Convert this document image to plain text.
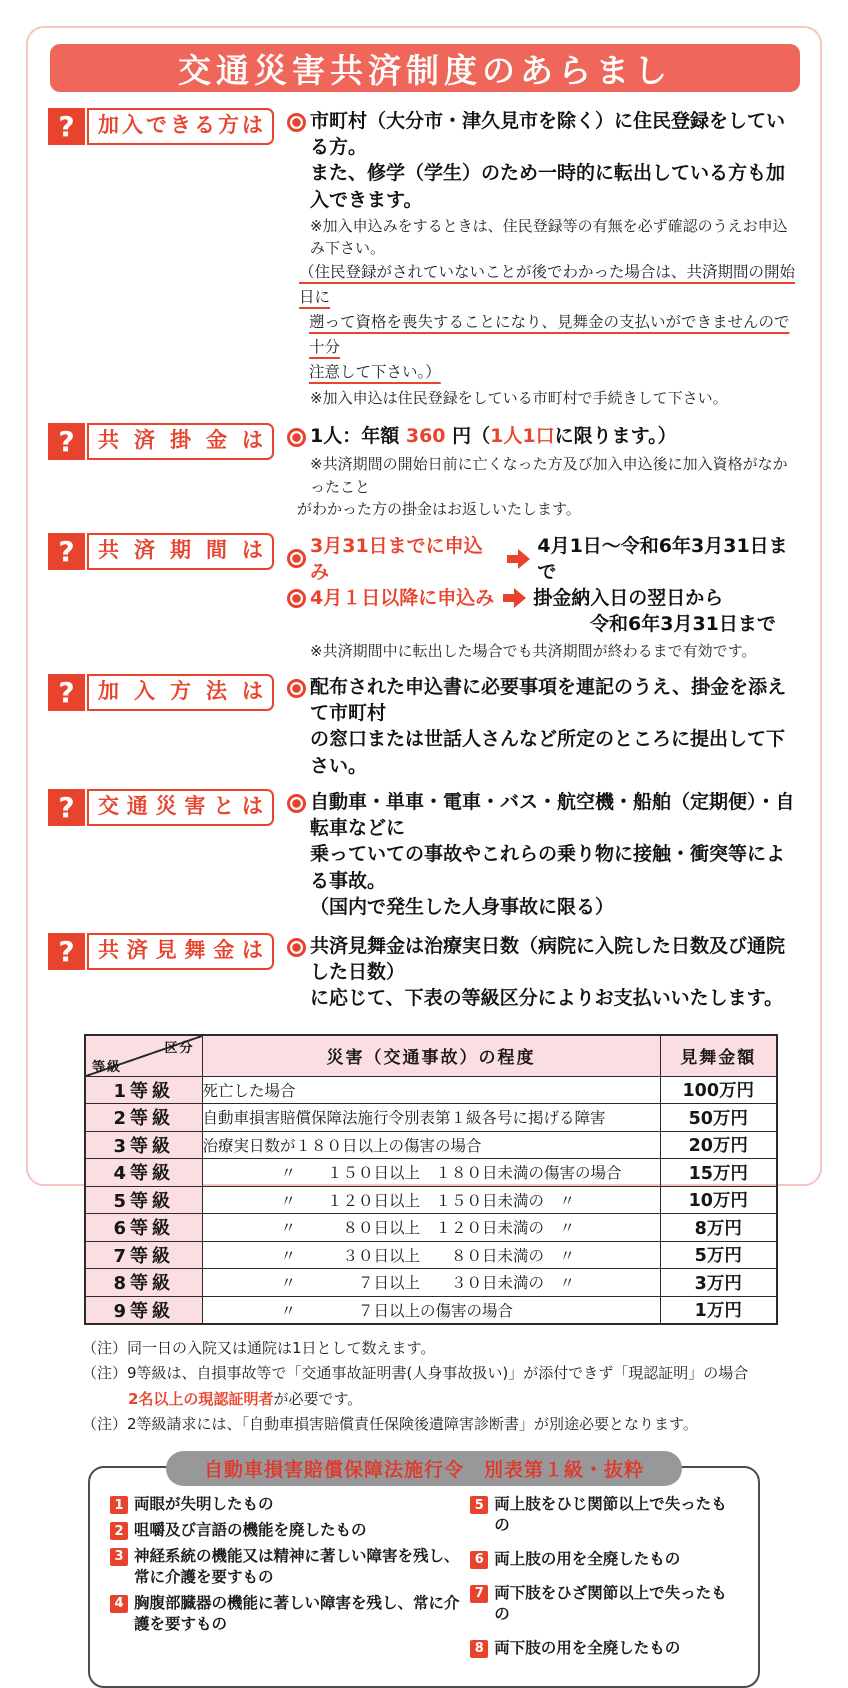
交通災害共済制度のあらまし
?	加入できる方は	市町村（大分市・津久見市を除く）に住民登録をしている方。
また、修学（学生）のため一時的に転出している方も加入できます。
※加入申込みをするときは、住民登録等の有無を必ず確認のうえお申込み下さい。
（住民登録がされていないことが後でわかった場合は、共済期間の開始日に
遡って資格を喪失することになり、見舞金の支払いができませんので十分
注意して下さい。）
※加入申込は住民登録をしている市町村で手続きして下さい。
?	共 済 掛 金 は	1人：年額 360 円（1人1口に限ります。）
※共済期間の開始日前に亡くなった方及び加入申込後に加入資格がなかったこと
がわかった方の掛金はお返しいたします。
?	共 済 期 間 は	3月31日までに申込み
4月1日～令和6年3月31日まで
4月１日以降に申込み 掛金納入日の翌日から
令和6年3月31日まで
※共済期間中に転出した場合でも共済期間が終わるまで有効です。
?	加 入 方 法 は	配布された申込書に必要事項を連記のうえ、掛金を添えて市町村
の窓口または世話人さんなど所定のところに提出して下さい。
?	交 通 災 害 と は	自動車・単車・電車・バス・航空機・船舶（定期便）・自転車などに
乗っていての事故やこれらの乗り物に接触・衝突等による事故。
（国内で発生した人身事故に限る）
?	共済見舞金は	共済見舞金は治療実日数（病院に入院した日数及び通院した日数）
に応じて、下表の等級区分によりお支払いいたします。
区分
等級	災害（交通事故）の程度	見舞金額
1等級	死亡した場合	100万円
2等級	自動車損害賠償保障法施行令別表第１級各号に掲げる障害	50万円
3等級	治療実日数が１８０日以上の傷害の場合	20万円
4等級	〃　　１５０日以上　１８０日未満の傷害の場合	15万円
5等級	〃　　１２０日以上　１５０日未満の　〃	10万円
6等級	〃　　　８０日以上　１２０日未満の　〃	8万円
7等級	〃　　　３０日以上　　８０日未満の　〃	5万円
8等級	〃　　　　７日以上　　３０日未満の　〃	3万円
9等級	〃　　　　７日以上の傷害の場合	1万円
（注）同一日の入院又は通院は1日として数えます。
（注）9等級は、自損事故等で「交通事故証明書(人身事故扱い)」が添付できず「現認証明」の場合
2名以上の現認証明者が必要です。
（注）2等級請求には、「自動車損害賠償責任保険後遺障害診断書」が別途必要となります。
自動車損害賠償保障法施行令　別表第１級・抜粋
1 両眼が失明したもの
2 咀嚼及び言語の機能を廃したもの
3 神経系統の機能又は精神に著しい障害を残し、常に介護を要すもの
4 胸腹部臓器の機能に著しい障害を残し、常に介護を要すもの
5 両上肢をひじ関節以上で失ったもの
6 両上肢の用を全廃したもの
7 両下肢をひざ関節以上で失ったもの
8 両下肢の用を全廃したもの
